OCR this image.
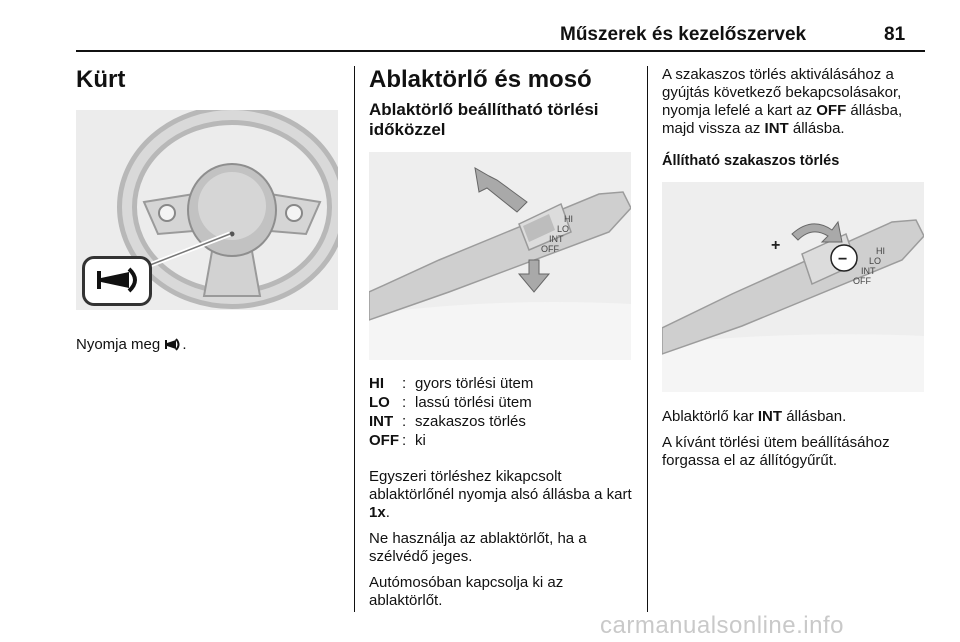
Műszerek és kezelőszervek	81
Kürt

Nyomja meg .

Ablaktörlő és mosó
Ablaktörlő beállítható törlési időközzel
HI
LO
INT
OFF
HI	: gyors törlési ütem
LO : lassú törlési ütem
INT : szakaszos törlés
OFF : ki

Egyszeri törléshez kikapcsolt ablaktörlőnél nyomja alsó állásba a kart 1x.

Ne használja az ablaktörlőt, ha a szélvédő jeges.

Autómosóban kapcsolja ki az ablaktörlőt.

A szakaszos törlés aktiválásához a gyújtás következő bekapcsolásakor, nyomja lefelé a kart az OFF állásba, majd vissza az INT állásba.

Állítható szakaszos törlés
+
−	HI
LO
INT
OFF

Ablaktörlő kar INT állásban.

A kívánt törlési ütem beállításához forgassa el az állítógyűrűt.

carmanualsonline.info
